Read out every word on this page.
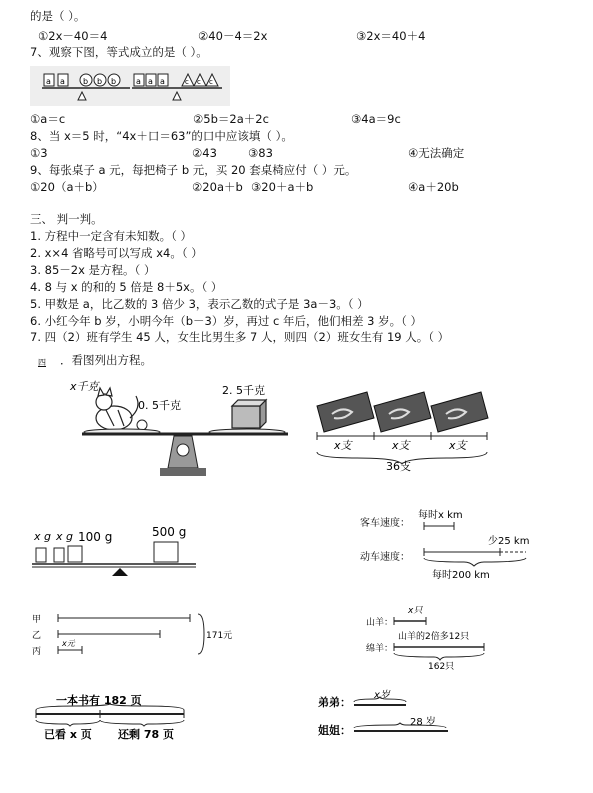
的是（ ）。
①2x－40＝4	②40－4＝2x	③2x＝40＋4
7、观察下图，等式成立的是（ ）。
b b b
a a	a a a	c c c
①a＝c	②5b＝2a＋2c	③4a＝9c
8、当 x＝5 时，“4x＋口＝63”的口中应该填（ ）。
①3	②43	③83	④无法确定
9、每张桌子 a 元，每把椅子 b 元，买 20 套桌椅应付（ ）元。
①20（a＋b）	②20a＋b ③20＋a＋b	④a＋20b
三、 判一判。
1. 方程中一定含有未知数。（ ）
2. x×4 省略号可以写成 x4。（ ）
3. 85－2x 是方程。（ ）
4. 8 与 x 的和的 5 倍是 8＋5x。（ ）
5. 甲数是 a，比乙数的 3 倍少 3，表示乙数的式子是 3a－3。（ ）
6. 小红今年 b 岁，小明今年（b－3）岁，再过 c 年后，他们相差 3 岁。（ ）
7. 四（2）班有学生 45 人，女生比男生多 7 人，则四（2）班女生有 19 人。（ ）
四 ．看图列出方程。
x千克
0. 5千克
2. 5千克
x支	x支	x支
36支
x g x g 100 g	500 g
客车速度：
每时x km
少25 km
动车速度：
每时200 km
甲
乙
丙
x元
171元
x只
山羊：
山羊的2倍多12只
绵羊：
162只
一本书有 182 页
已看 x 页 还剩 78 页
x岁
弟弟：
28 岁
姐姐：
